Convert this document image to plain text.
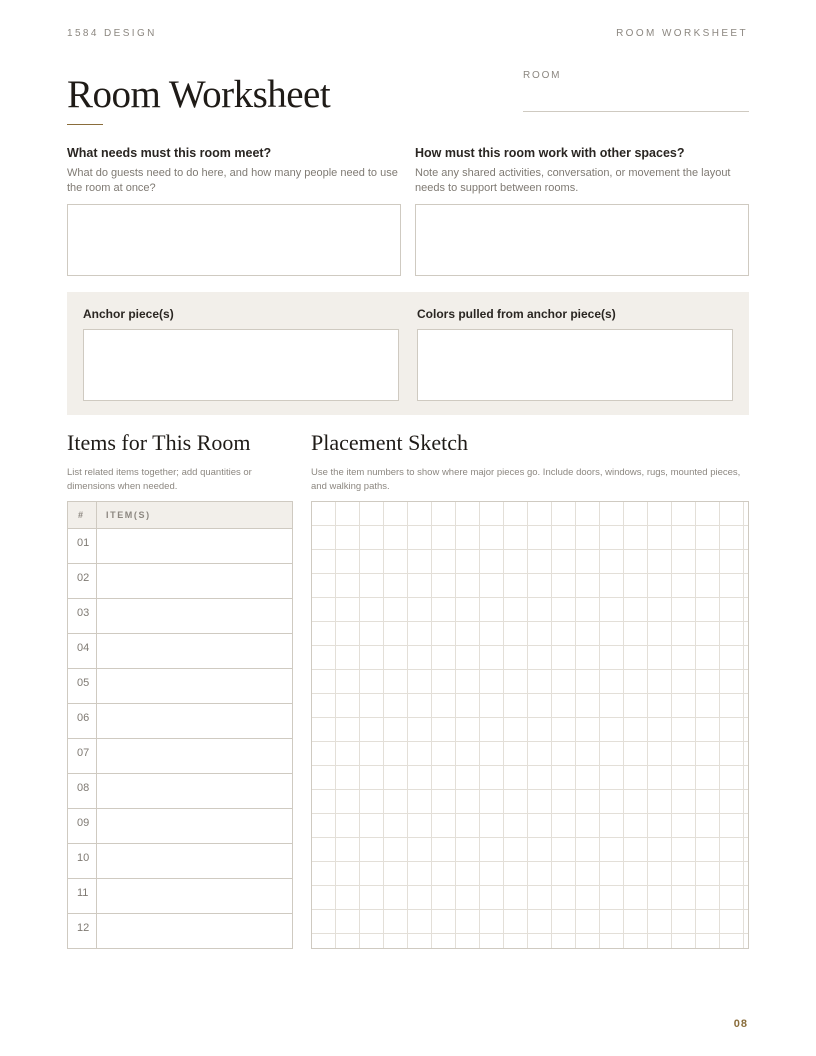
1584 DESIGN	ROOM WORKSHEET
Room Worksheet	ROOM
What needs must this room meet?
What do guests need to do here, and how many people need to use the room at once?
How must this room work with other spaces?
Note any shared activities, conversation, or movement the layout needs to support between rooms.
Anchor piece(s)	Colors pulled from anchor piece(s)
Items for This Room
List related items together; add quantities or dimensions when needed.
#	ITEM(S)
01	
02	
03	
04	
05	
06	
07	
08	
09	
10	
11	
12	
Placement Sketch
Use the item numbers to show where major pieces go. Include doors, windows, rugs, mounted pieces, and walking paths.
08
